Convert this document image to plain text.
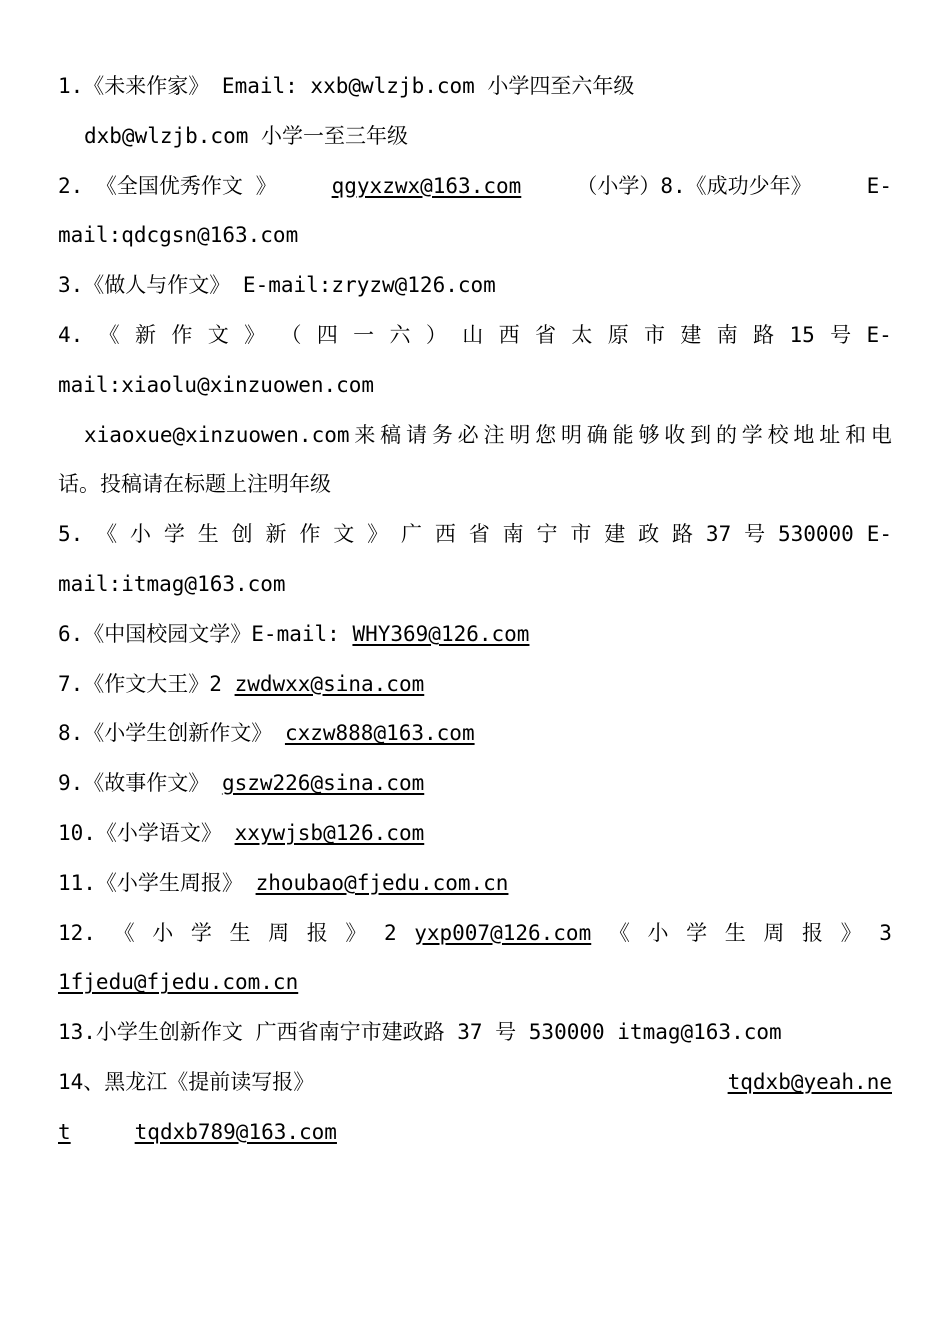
1.《未来作家》 Email: xxb@wlzjb.com 小学四至六年级
dxb@wlzjb.com 小学一至三年级
2. 《全国优秀作文 》	qgyxzwx@163.com	（小学）8.《成功少年》	E-
mail:qdcgsn@163.com
3.《做人与作文》 E-mail:zryzw@126.com
4. 《 新 作 文 》 （ 四 一 六 ） 山 西 省 太 原 市 建 南 路 15 号 E-
mail:xiaolu@xinzuowen.com
xiaoxue@xinzuowen.com 来 稿 请 务 必 注 明 您 明 确 能 够 收 到 的 学 校 地 址 和 电
话。投稿请在标题上注明年级
5. 《 小 学 生 创 新 作 文 》 广 西 省 南 宁 市 建 政 路 37 号 530000 E-
mail:itmag@163.com
6.《中国校园文学》E-mail: WHY369@126.com
7.《作文大王》2 zwdwxx@sina.com
8.《小学生创新作文》 cxzw888@163.com
9.《故事作文》 gszw226@sina.com
10.《小学语文》 xxywjsb@126.com
11.《小学生周报》 zhoubao@fjedu.com.cn
12. 《 小 学 生 周 报 》 2 yxp007@126.com 《 小 学 生 周 报 》 3
1fjedu@fjedu.com.cn
13.小学生创新作文 广西省南宁市建政路 37 号 530000 itmag@163.com
14、黑龙江《提前读写报》	tqdxb@yeah.ne
t	tqdxb789@163.com
